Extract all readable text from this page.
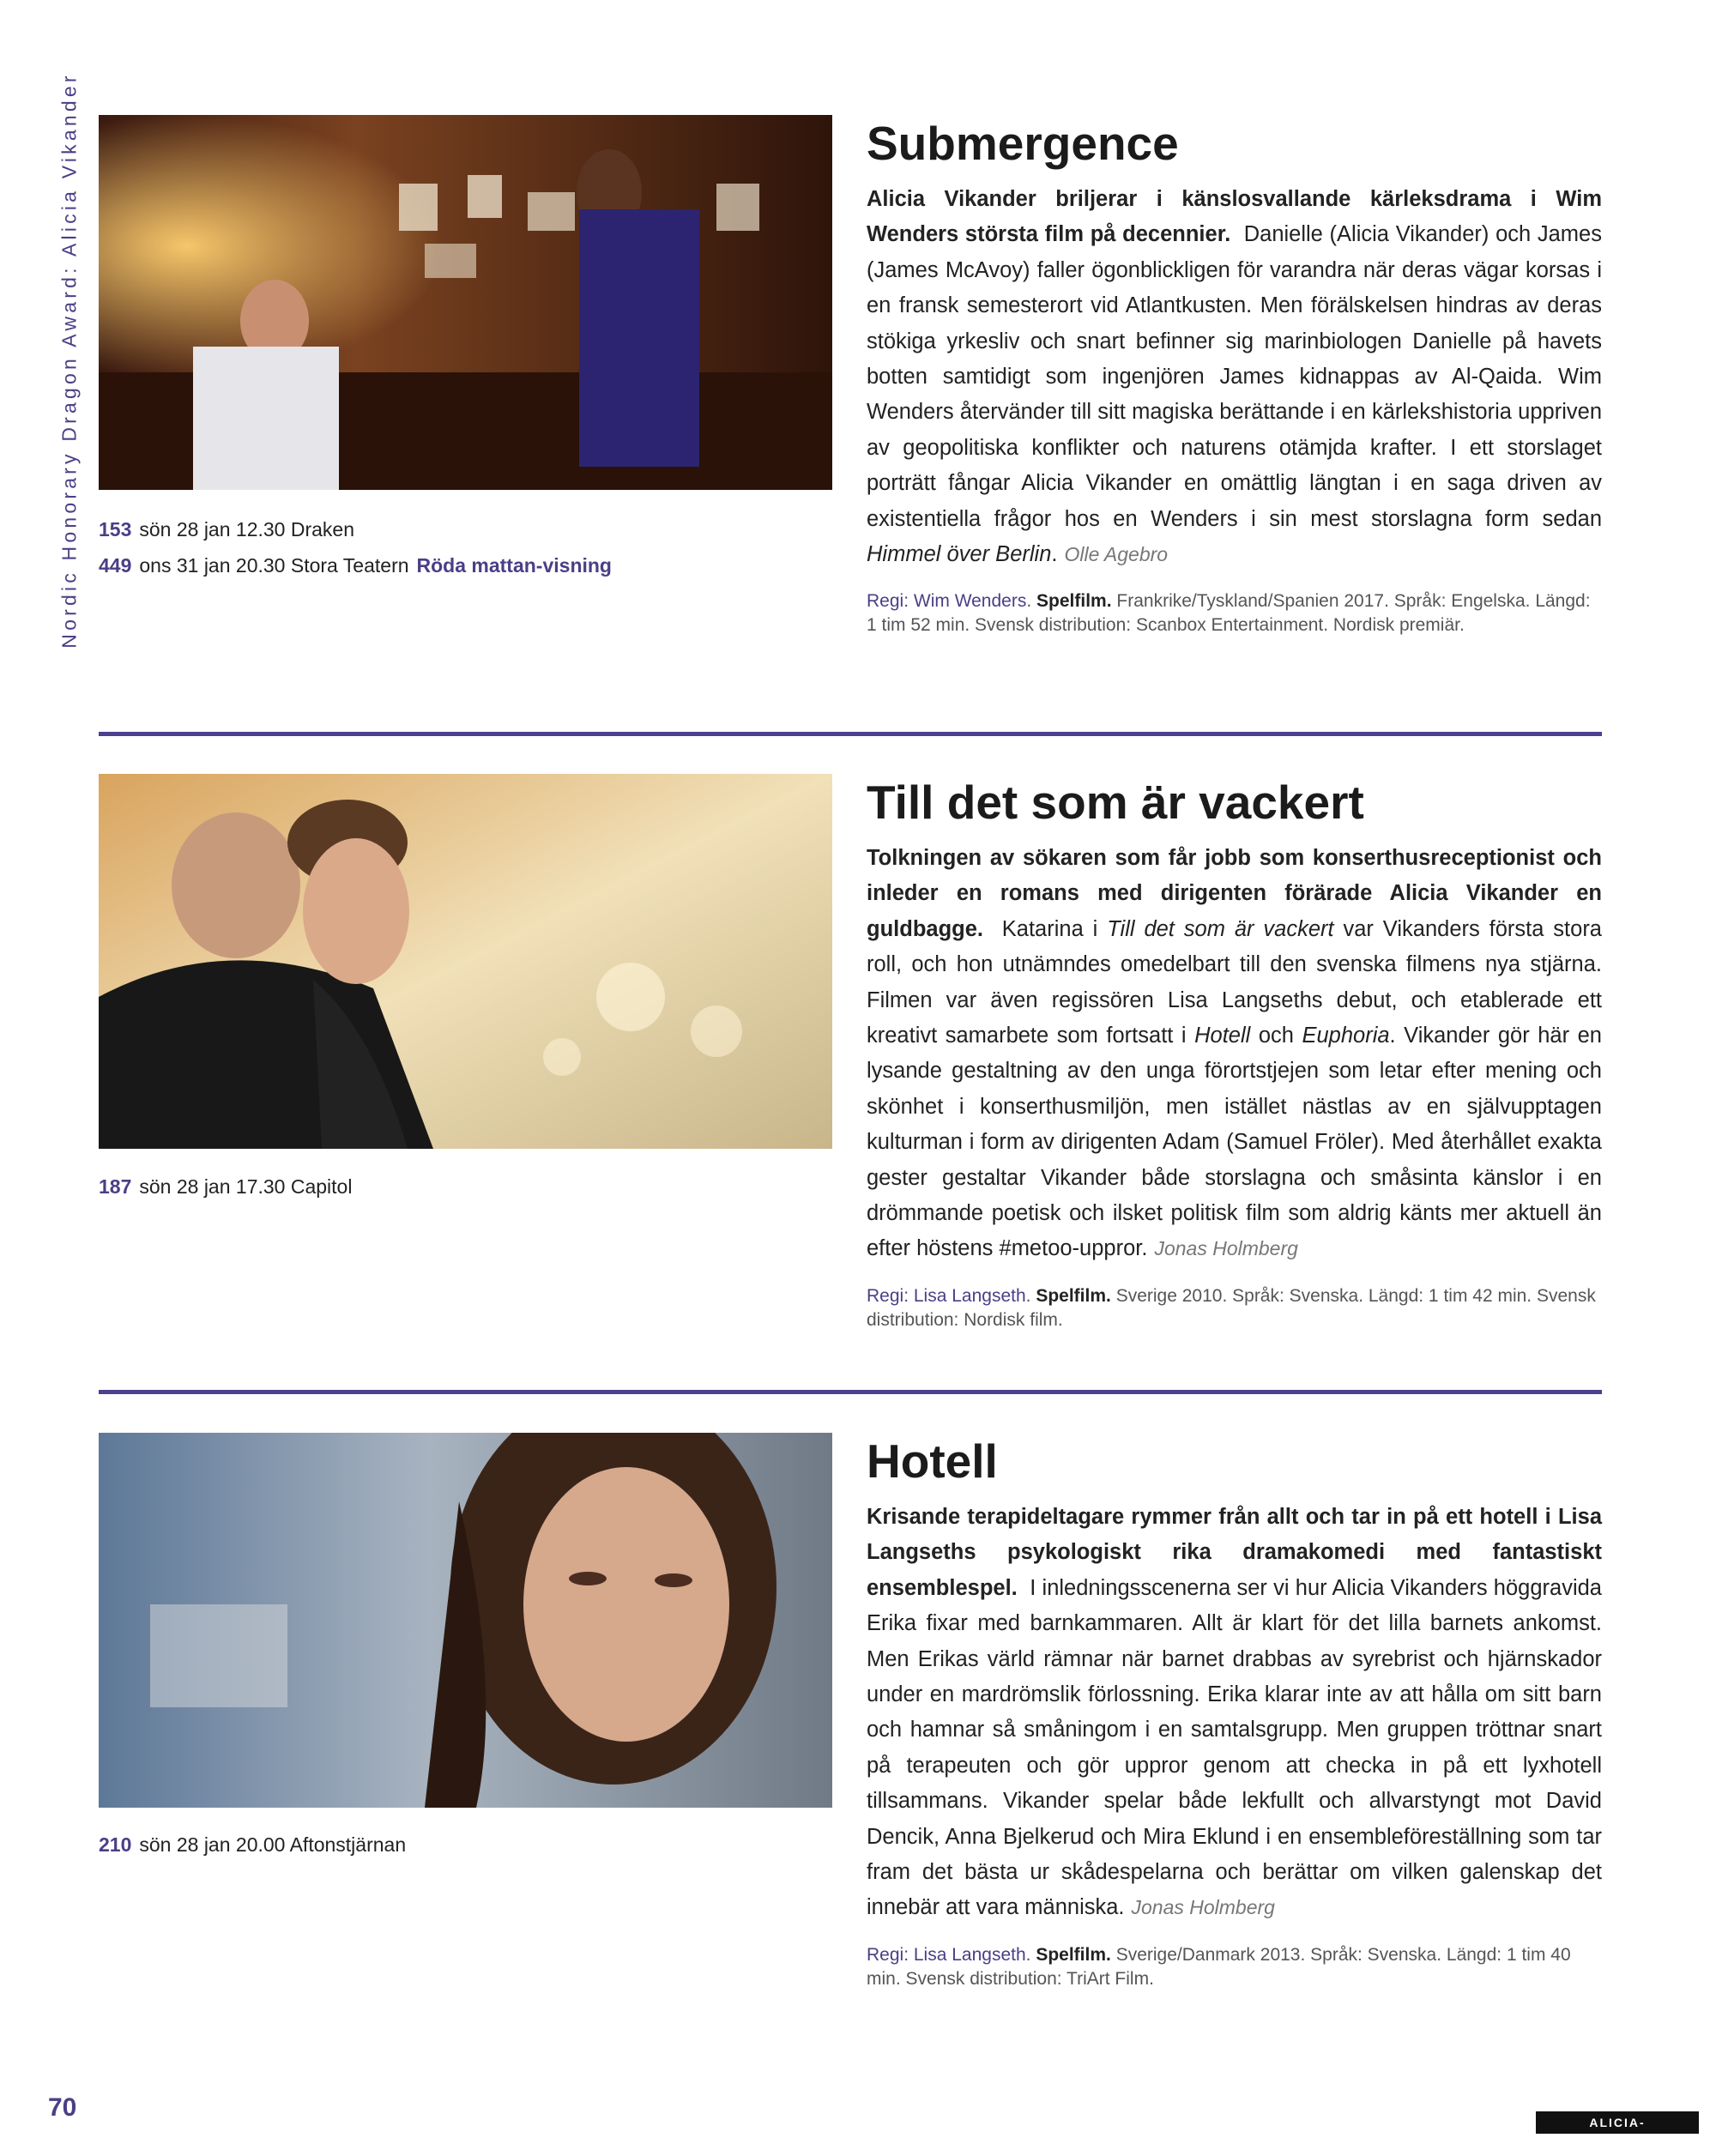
Nordic Honorary Dragon Award: Alicia Vikander 153 sön 28 jan 12.30 Draken
449 ons 31 jan 20.30 Stora Teatern Röda mattan-visning
Submergence

Alicia Vikander briljerar i känslosvallande kärleksdrama i Wim Wenders största film på decennier. Danielle (Alicia Vikander) och James (James McAvoy) faller ögonblickligen för varandra när deras vägar korsas i en fransk semesterort vid Atlantkusten. Men förälskelsen hindras av deras stökiga yrkesliv och snart befinner sig marinbiologen Danielle på havets botten samtidigt som ingenjören James kidnappas av Al-Qaida. Wim Wenders återvänder till sitt magiska berättande i en kärlekshistoria uppriven av geopolitiska konflikter och naturens otämjda krafter. I ett storslaget porträtt fångar Alicia Vikander en omättlig längtan i en saga driven av existentiella frågor hos en Wenders i sin mest storslagna form sedan Himmel över Berlin. Olle Agebro

Regi: Wim Wenders. Spelfilm. Frankrike/Tyskland/Spanien 2017. Språk: Engelska. Längd: 1 tim 52 min. Svensk distribution: Scanbox Entertainment. Nordisk premiär.
187 sön 28 jan 17.30 Capitol
Till det som är vackert

Tolkningen av sökaren som får jobb som konserthusreceptionist och inleder en romans med dirigenten förärade Alicia Vikander en guldbagge. Katarina i Till det som är vackert var Vikanders första stora roll, och hon utnämndes omedelbart till den svenska filmens nya stjärna. Filmen var även regissören Lisa Langseths debut, och etablerade ett kreativt samarbete som fortsatt i Hotell och Euphoria. Vikander gör här en lysande gestaltning av den unga förortstjejen som letar efter mening och skönhet i konserthusmiljön, men istället nästlas av en självupptagen kulturman i form av dirigenten Adam (Samuel Fröler). Med återhållet exakta gester gestaltar Vikander både storslagna och småsinta känslor i en drömmande poetisk och ilsket politisk film som aldrig känts mer aktuell än efter höstens #metoo-uppror. Jonas Holmberg

Regi: Lisa Langseth. Spelfilm. Sverige 2010. Språk: Svenska. Längd: 1 tim 42 min. Svensk distribution: Nordisk film.
210 sön 28 jan 20.00 Aftonstjärnan
Hotell

Krisande terapideltagare rymmer från allt och tar in på ett hotell i Lisa Langseths psykologiskt rika dramakomedi med fantastiskt ensemblespel. I inledningsscenerna ser vi hur Alicia Vikanders höggravida Erika fixar med barnkammaren. Allt är klart för det lilla barnets ankomst. Men Erikas värld rämnar när barnet drabbas av syrebrist och hjärnskador under en mardrömslik förlossning. Erika klarar inte av att hålla om sitt barn och hamnar så småningom i en samtalsgrupp. Men gruppen tröttnar snart på terapeuten och gör uppror genom att checka in på ett lyxhotell tillsammans. Vikander spelar både lekfullt och allvarstyngt mot David Dencik, Anna Bjelkerud och Mira Eklund i en ensembleföreställning som tar fram det bästa ur skådespelarna och berättar om vilken galenskap det innebär att vara människa. Jonas Holmberg

Regi: Lisa Langseth. Spelfilm. Sverige/Danmark 2013. Språk: Svenska. Längd: 1 tim 40 min. Svensk distribution: TriArt Film.
70
ALICIA-VIKANDER.ORG
